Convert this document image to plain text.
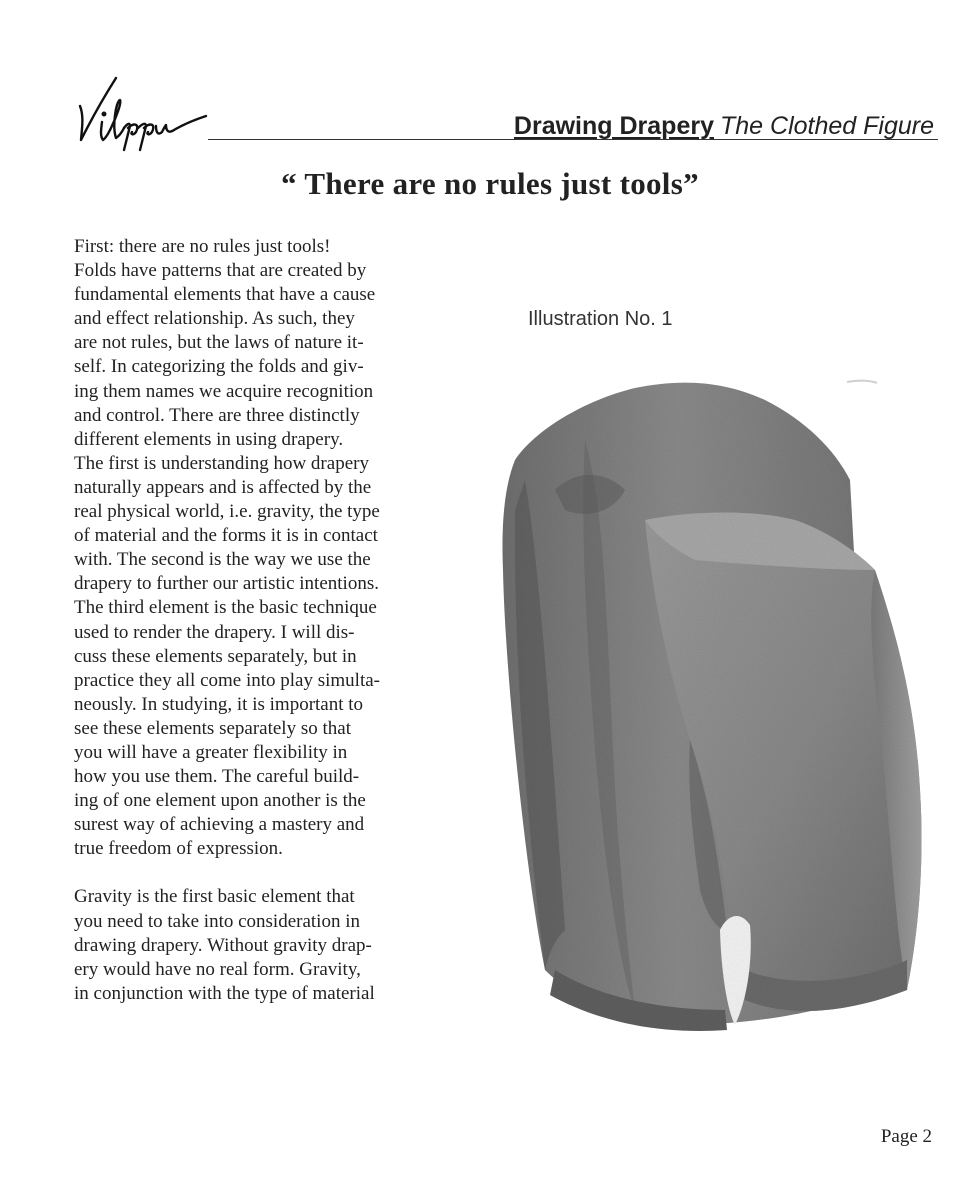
Drawing Drapery The Clothed Figure
“ There are no rules just tools”

First: there are no rules just tools!
Folds have patterns that are created by
fundamental elements that have a cause
and effect relationship. As such, they
are not rules, but the laws of nature it-
self. In categorizing the folds and giv-
ing them names we acquire recognition
and control. There are three distinctly
different elements in using drapery.
The first is understanding how drapery
naturally appears and is affected by the
real physical world, i.e. gravity, the type
of material and the forms it is in contact
with. The second is the way we use the
drapery to further our artistic intentions.
The third element is the basic technique
used to render the drapery. I will dis-
cuss these elements separately, but in
practice they all come into play simulta-
neously. In studying, it is important to
see these elements separately so that
you will have a greater flexibility in
how you use them. The careful build-
ing of one element upon another is the
surest way of achieving a mastery and
true freedom of expression.

Gravity is the first basic element that
you need to take into consideration in
drawing drapery. Without gravity drap-
ery would have no real form. Gravity,
in conjunction with the type of material

Illustration No. 1
Page 2
